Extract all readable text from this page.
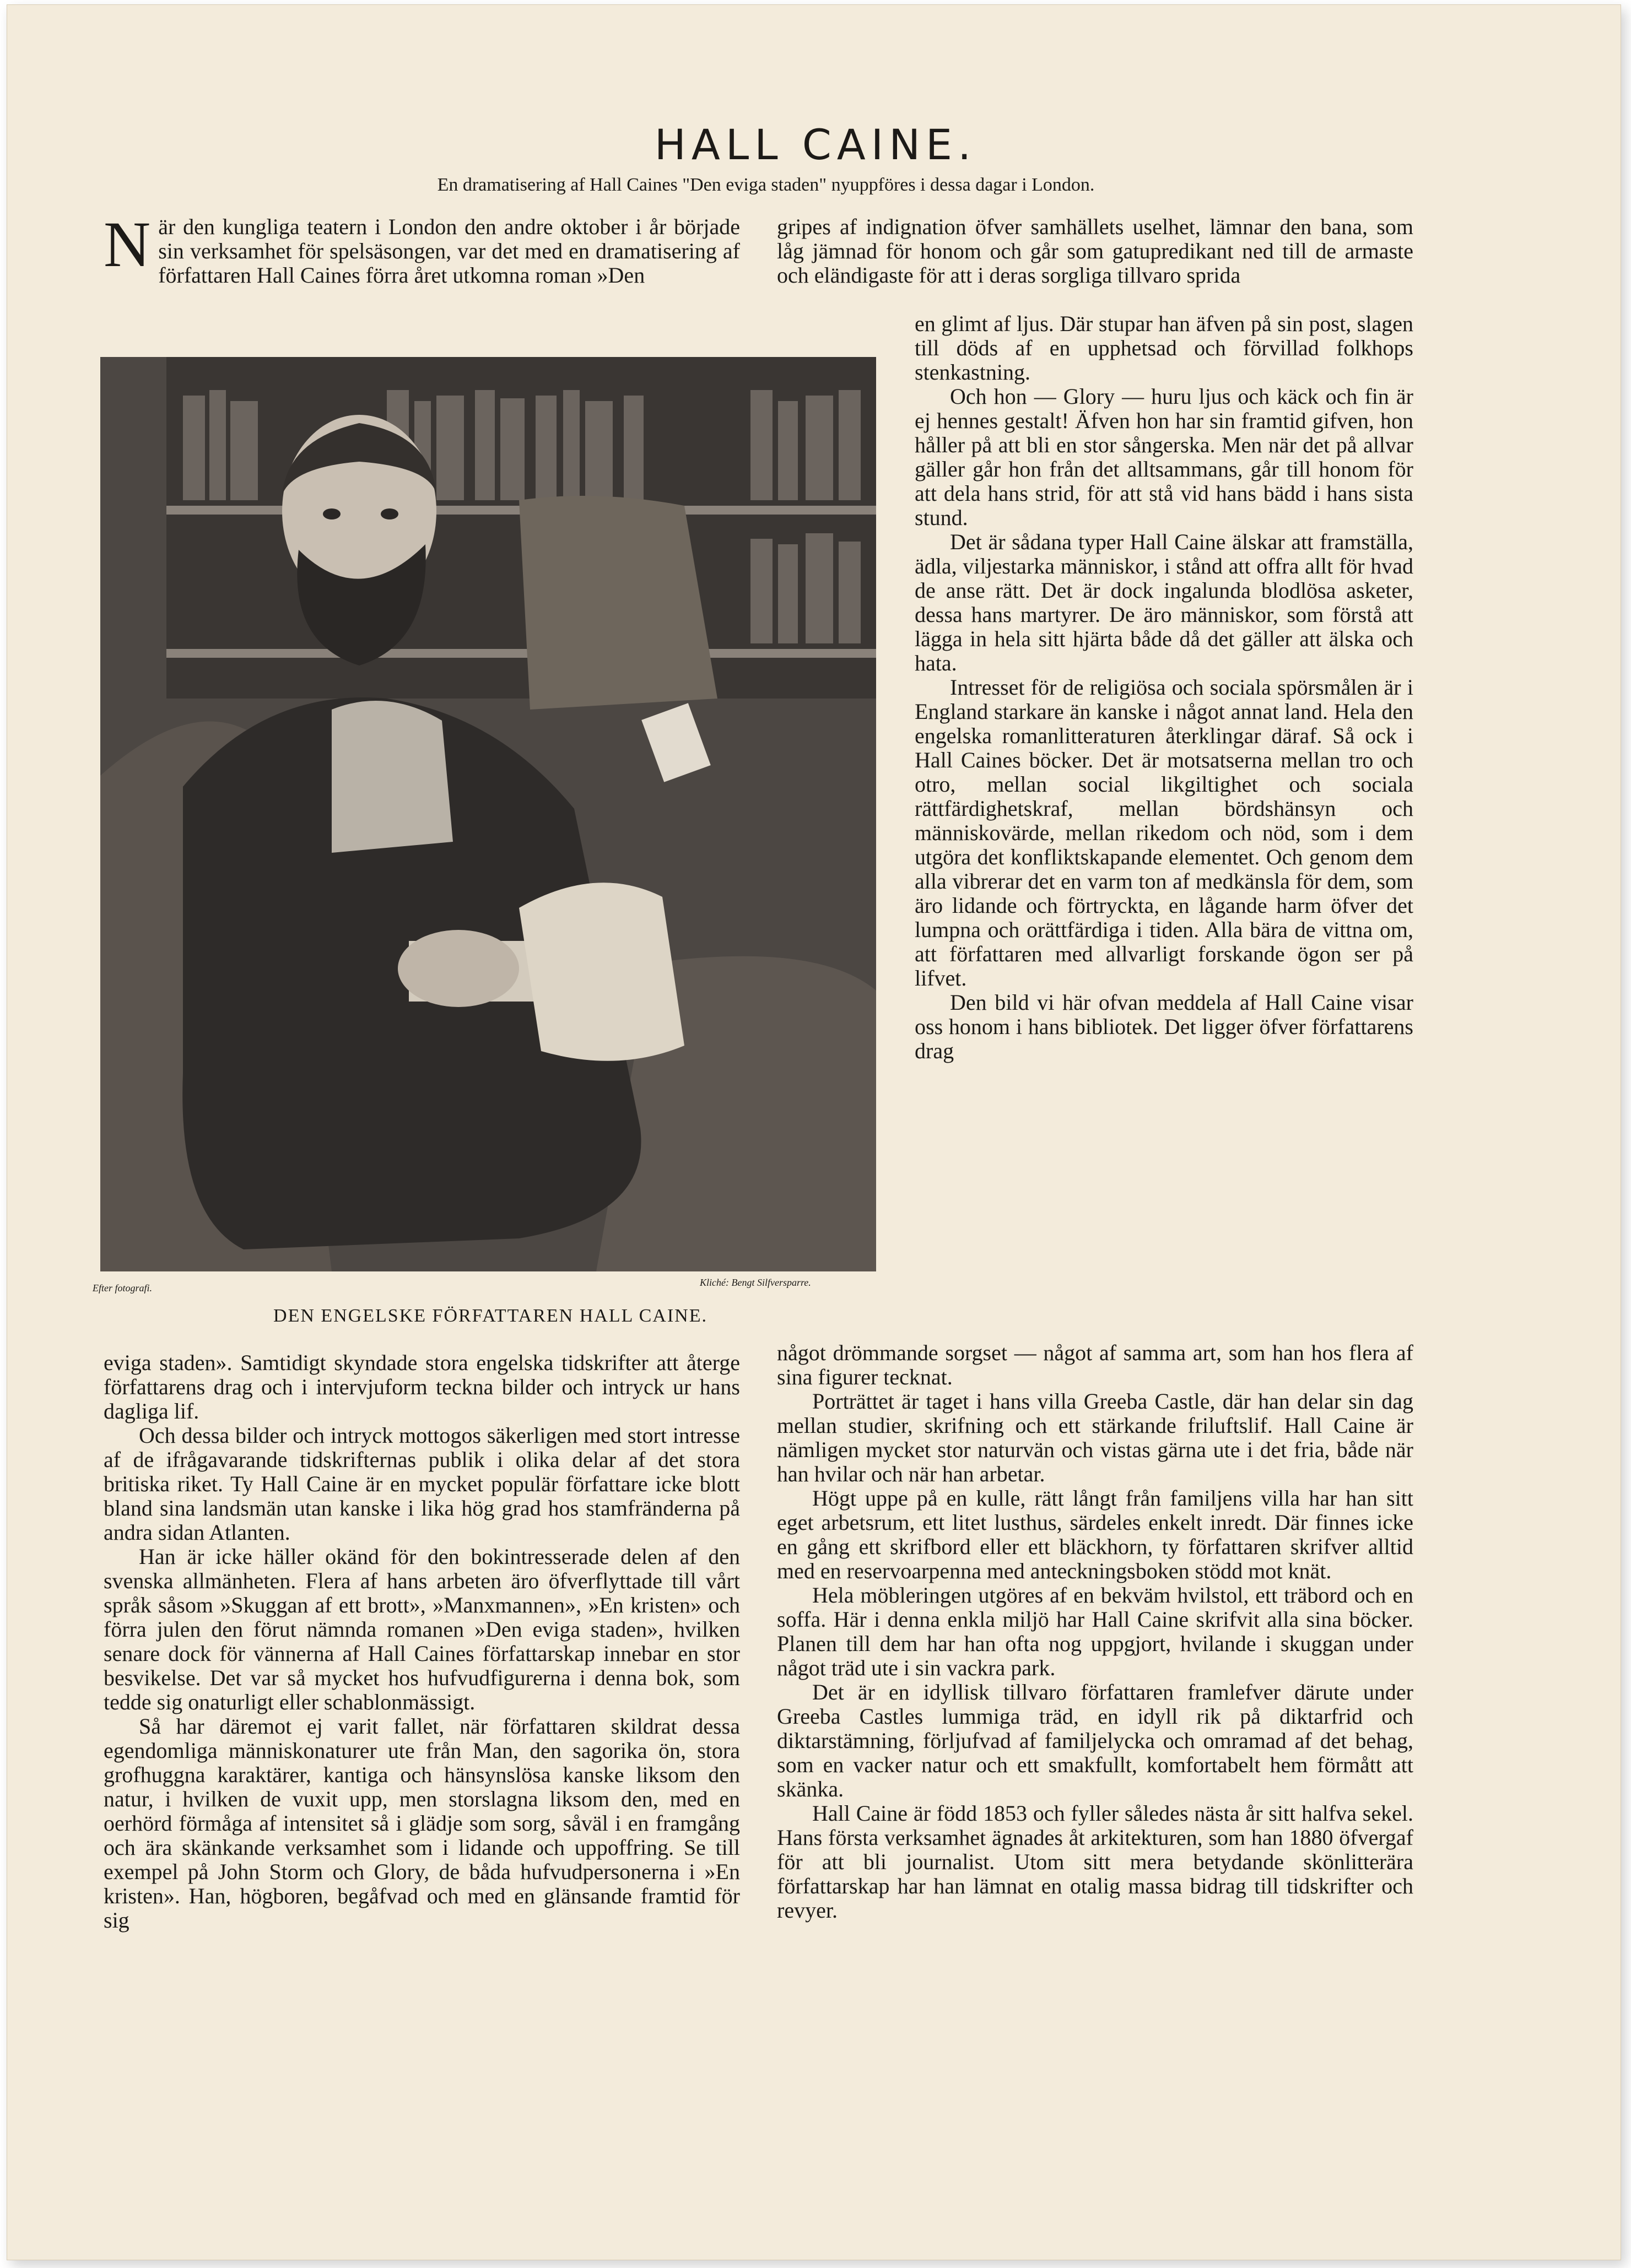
HALL CAINE.
En dramatisering af Hall Caines "Den eviga staden" nyuppföres i dessa dagar i London.

När den kungliga teatern i London den andre oktober i år började sin verksamhet för spelsäsongen, var det med en dramatisering af författaren Hall Caines förra året utkomna roman »Den

Efter fotografi.	Kliché: Bengt Silfversparre.
DEN ENGELSKE FÖRFATTAREN HALL CAINE.

eviga staden». Samtidigt skyndade stora engelska tidskrifter att återge författarens drag och i intervjuform teckna bilder och intryck ur hans dagliga lif.

Och dessa bilder och intryck mottogos säkerligen med stort intresse af de ifrågavarande tidskrifternas publik i olika delar af det stora britiska riket. Ty Hall Caine är en mycket populär författare icke blott bland sina landsmän utan kanske i lika hög grad hos stamfränderna på andra sidan Atlanten.

Han är icke häller okänd för den bokintresserade delen af den svenska allmänheten. Flera af hans arbeten äro öfverflyttade till vårt språk såsom »Skuggan af ett brott», »Manxmannen», »En kristen» och förra julen den förut nämnda romanen »Den eviga staden», hvilken senare dock för vännerna af Hall Caines författarskap innebar en stor besvikelse. Det var så mycket hos hufvudfigurerna i denna bok, som tedde sig onaturligt eller schablonmässigt.

Så har däremot ej varit fallet, när författaren skildrat dessa egendomliga människonaturer ute från Man, den sagorika ön, stora grofhuggna karaktärer, kantiga och hänsynslösa kanske liksom den natur, i hvilken de vuxit upp, men storslagna liksom den, med en oerhörd förmåga af intensitet så i glädje som sorg, såväl i en framgång och ära skänkande verksamhet som i lidande och uppoffring. Se till exempel på John Storm och Glory, de båda hufvudpersonerna i »En kristen». Han, högboren, begåfvad och med en glänsande framtid för sig

gripes af indignation öfver samhällets uselhet, lämnar den bana, som låg jämnad för honom och går som gatupredikant ned till de armaste och eländigaste för att i deras sorgliga tillvaro sprida

en glimt af ljus. Där stupar han äfven på sin post, slagen till döds af en upphetsad och förvillad folkhops stenkastning.

Och hon — Glory — huru ljus och käck och fin är ej hennes gestalt! Äfven hon har sin framtid gifven, hon håller på att bli en stor sångerska. Men när det på allvar gäller går hon från det alltsammans, går till honom för att dela hans strid, för att stå vid hans bädd i hans sista stund.

Det är sådana typer Hall Caine älskar att framställa, ädla, viljestarka människor, i stånd att offra allt för hvad de anse rätt. Det är dock ingalunda blodlösa asketer, dessa hans martyrer. De äro människor, som förstå att lägga in hela sitt hjärta både då det gäller att älska och hata.

Intresset för de religiösa och sociala spörsmålen är i England starkare än kanske i något annat land. Hela den engelska romanlitteraturen återklingar däraf. Så ock i Hall Caines böcker. Det är motsatserna mellan tro och otro, mellan social likgiltighet och sociala rättfärdighetskraf, mellan bördshänsyn och människovärde, mellan rikedom och nöd, som i dem utgöra det konfliktskapande elementet. Och genom dem alla vibrerar det en varm ton af medkänsla för dem, som äro lidande och förtryckta, en lågande harm öfver det lumpna och orättfärdiga i tiden. Alla bära de vittna om, att författaren med allvarligt forskande ögon ser på lifvet.

Den bild vi här ofvan meddela af Hall Caine visar oss honom i hans bibliotek. Det ligger öfver författarens drag

något drömmande sorgset — något af samma art, som han hos flera af sina figurer tecknat.

Porträttet är taget i hans villa Greeba Castle, där han delar sin dag mellan studier, skrifning och ett stärkande friluftslif. Hall Caine är nämligen mycket stor naturvän och vistas gärna ute i det fria, både när han hvilar och när han arbetar.

Högt uppe på en kulle, rätt långt från familjens villa har han sitt eget arbetsrum, ett litet lusthus, särdeles enkelt inredt. Där finnes icke en gång ett skrifbord eller ett bläckhorn, ty författaren skrifver alltid med en reservoarpenna med anteckningsboken stödd mot knät.

Hela möbleringen utgöres af en bekväm hvilstol, ett träbord och en soffa. Här i denna enkla miljö har Hall Caine skrifvit alla sina böcker. Planen till dem har han ofta nog uppgjort, hvilande i skuggan under något träd ute i sin vackra park.

Det är en idyllisk tillvaro författaren framlefver därute under Greeba Castles lummiga träd, en idyll rik på diktarfrid och diktarstämning, förljufvad af familjelycka och omramad af det behag, som en vacker natur och ett smakfullt, komfortabelt hem förmått att skänka.

Hall Caine är född 1853 och fyller således nästa år sitt halfva sekel. Hans första verksamhet ägnades åt arkitekturen, som han 1880 öfvergaf för att bli journalist. Utom sitt mera betydande skönlitterära författarskap har han lämnat en otalig massa bidrag till tidskrifter och revyer.
